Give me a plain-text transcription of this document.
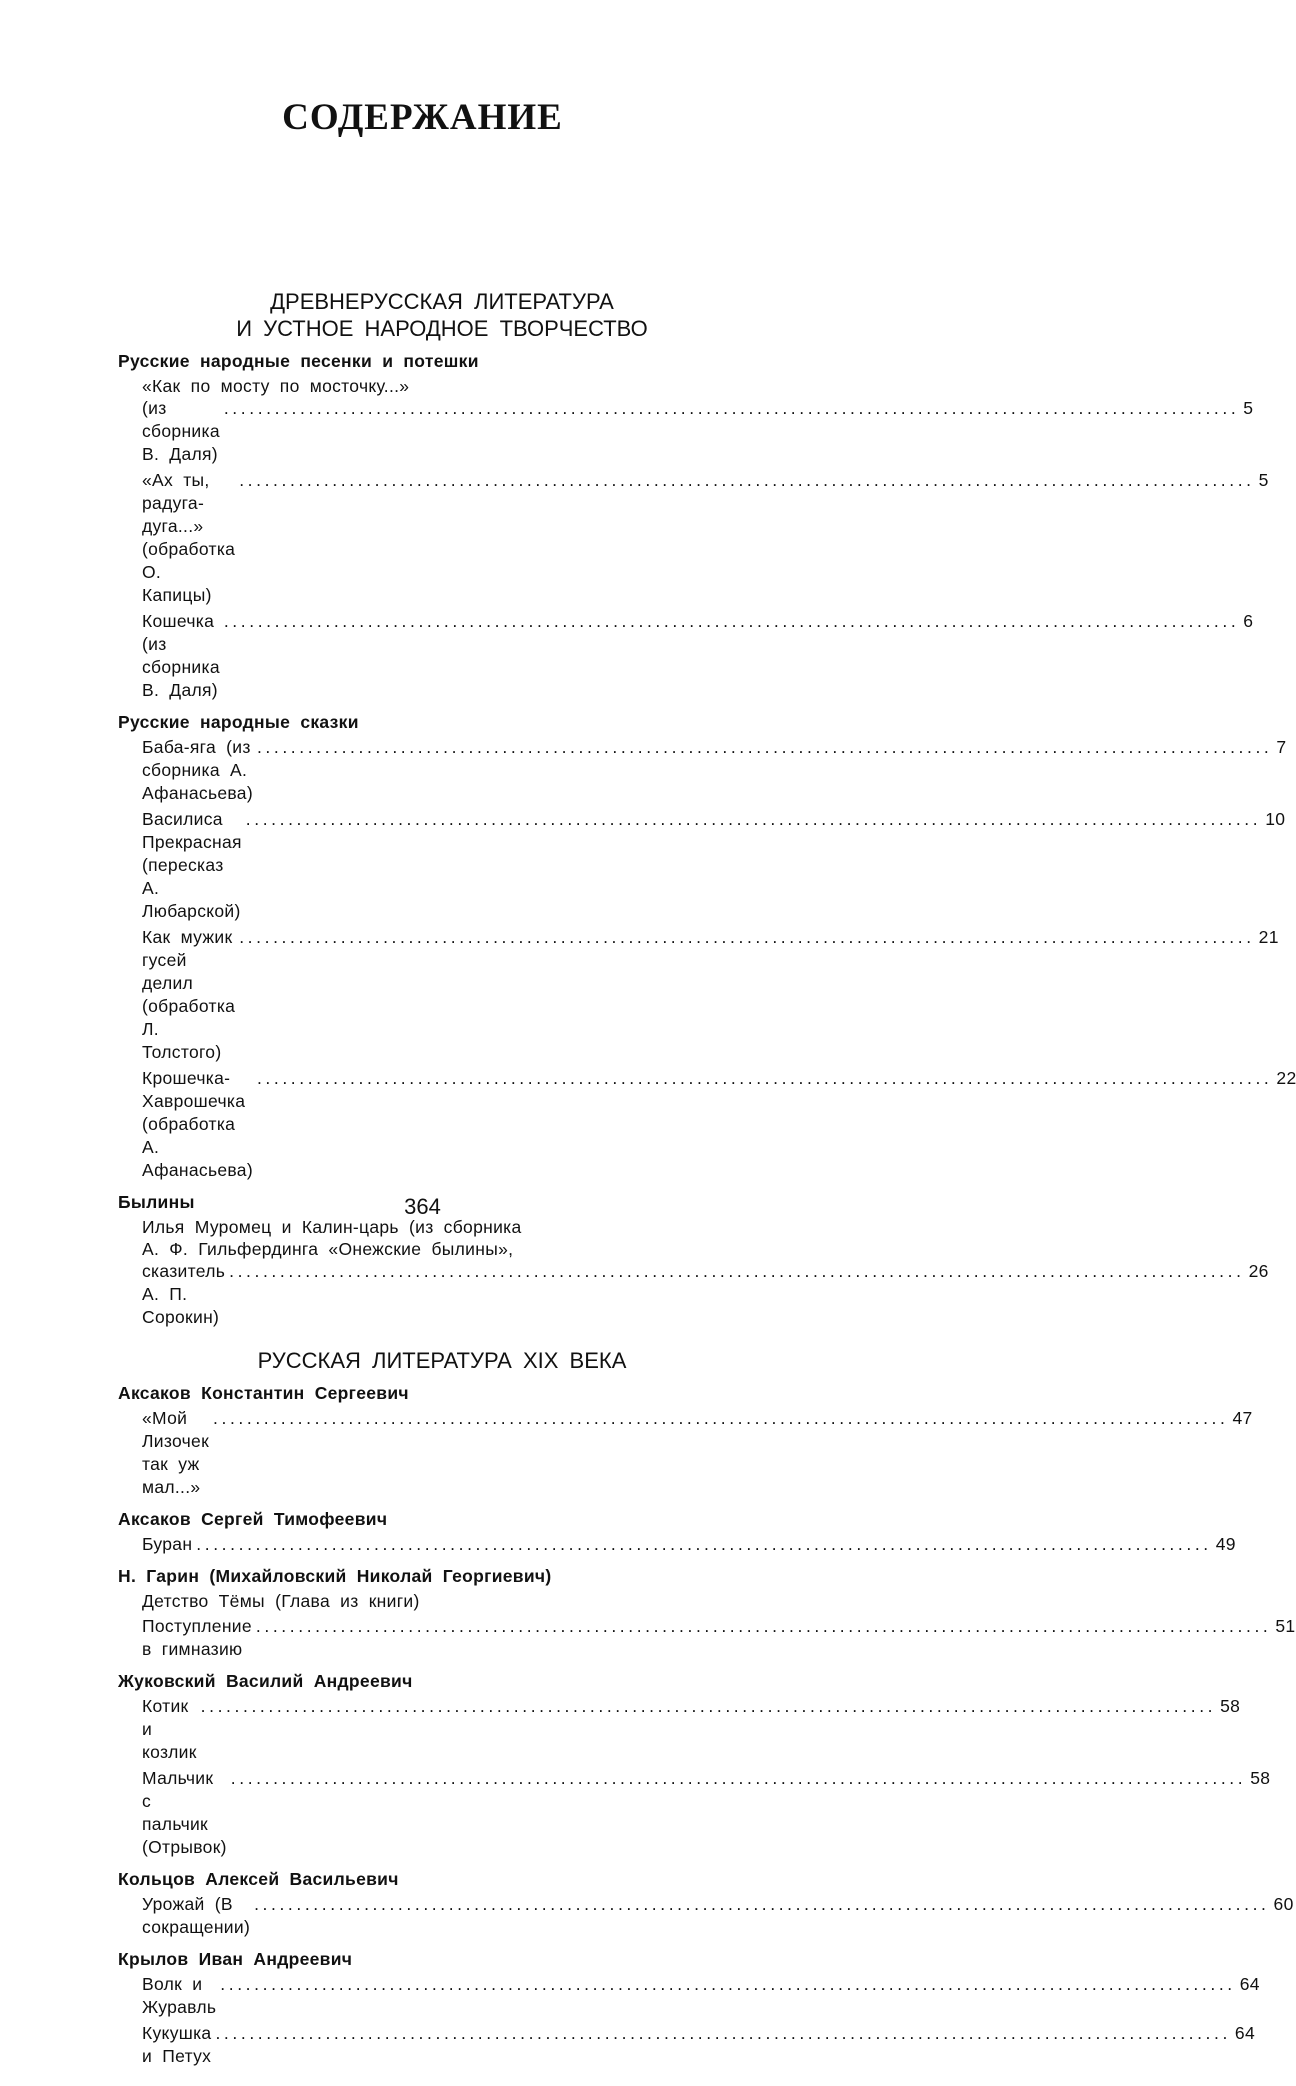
СОДЕРЖАНИЕ
ДРЕВНЕРУССКАЯ ЛИТЕРАТУРА
И УСТНОЕ НАРОДНОЕ ТВОРЧЕСТВО
Русские народные песенки и потешки
«Как по мосту по мосточку...»
(из сборника В. Даля)
........................................................................................................................ 5
«Ах ты, радуга-дуга...» (обработка О. Капицы)
........................................................................................................................ 5
Кошечка (из сборника В. Даля)
........................................................................................................................ 6
Русские народные сказки
Баба-яга (из сборника А. Афанасьева)
........................................................................................................................ 7
Василиса Прекрасная (пересказ А. Любарской)
........................................................................................................................ 10
Как мужик гусей делил (обработка Л. Толстого)
........................................................................................................................ 21
Крошечка-Хаврошечка (обработка А. Афанасьева)
........................................................................................................................ 22
Былины
Илья Муромец и Калин-царь (из сборника
А. Ф. Гильфердинга «Онежские былины»,
сказитель А. П. Сорокин)
........................................................................................................................ 26
РУССКАЯ ЛИТЕРАТУРА XIX ВЕКА
Аксаков Константин Сергеевич
«Мой Лизочек так уж мал...»
........................................................................................................................ 47
Аксаков Сергей Тимофеевич
Буран ........................................................................................................................ 49
Н. Гарин (Михайловский Николай Георгиевич)
Детство Тёмы (Глава из книги)
Поступление в гимназию
........................................................................................................................ 51
Жуковский Василий Андреевич
Котик и козлик
........................................................................................................................ 58
Мальчик с пальчик (Отрывок)
........................................................................................................................ 58
Кольцов Алексей Васильевич
Урожай (В сокращении)
........................................................................................................................ 60
Крылов Иван Андреевич
Волк и Журавль
........................................................................................................................ 64
Кукушка и Петух
........................................................................................................................ 64
364
